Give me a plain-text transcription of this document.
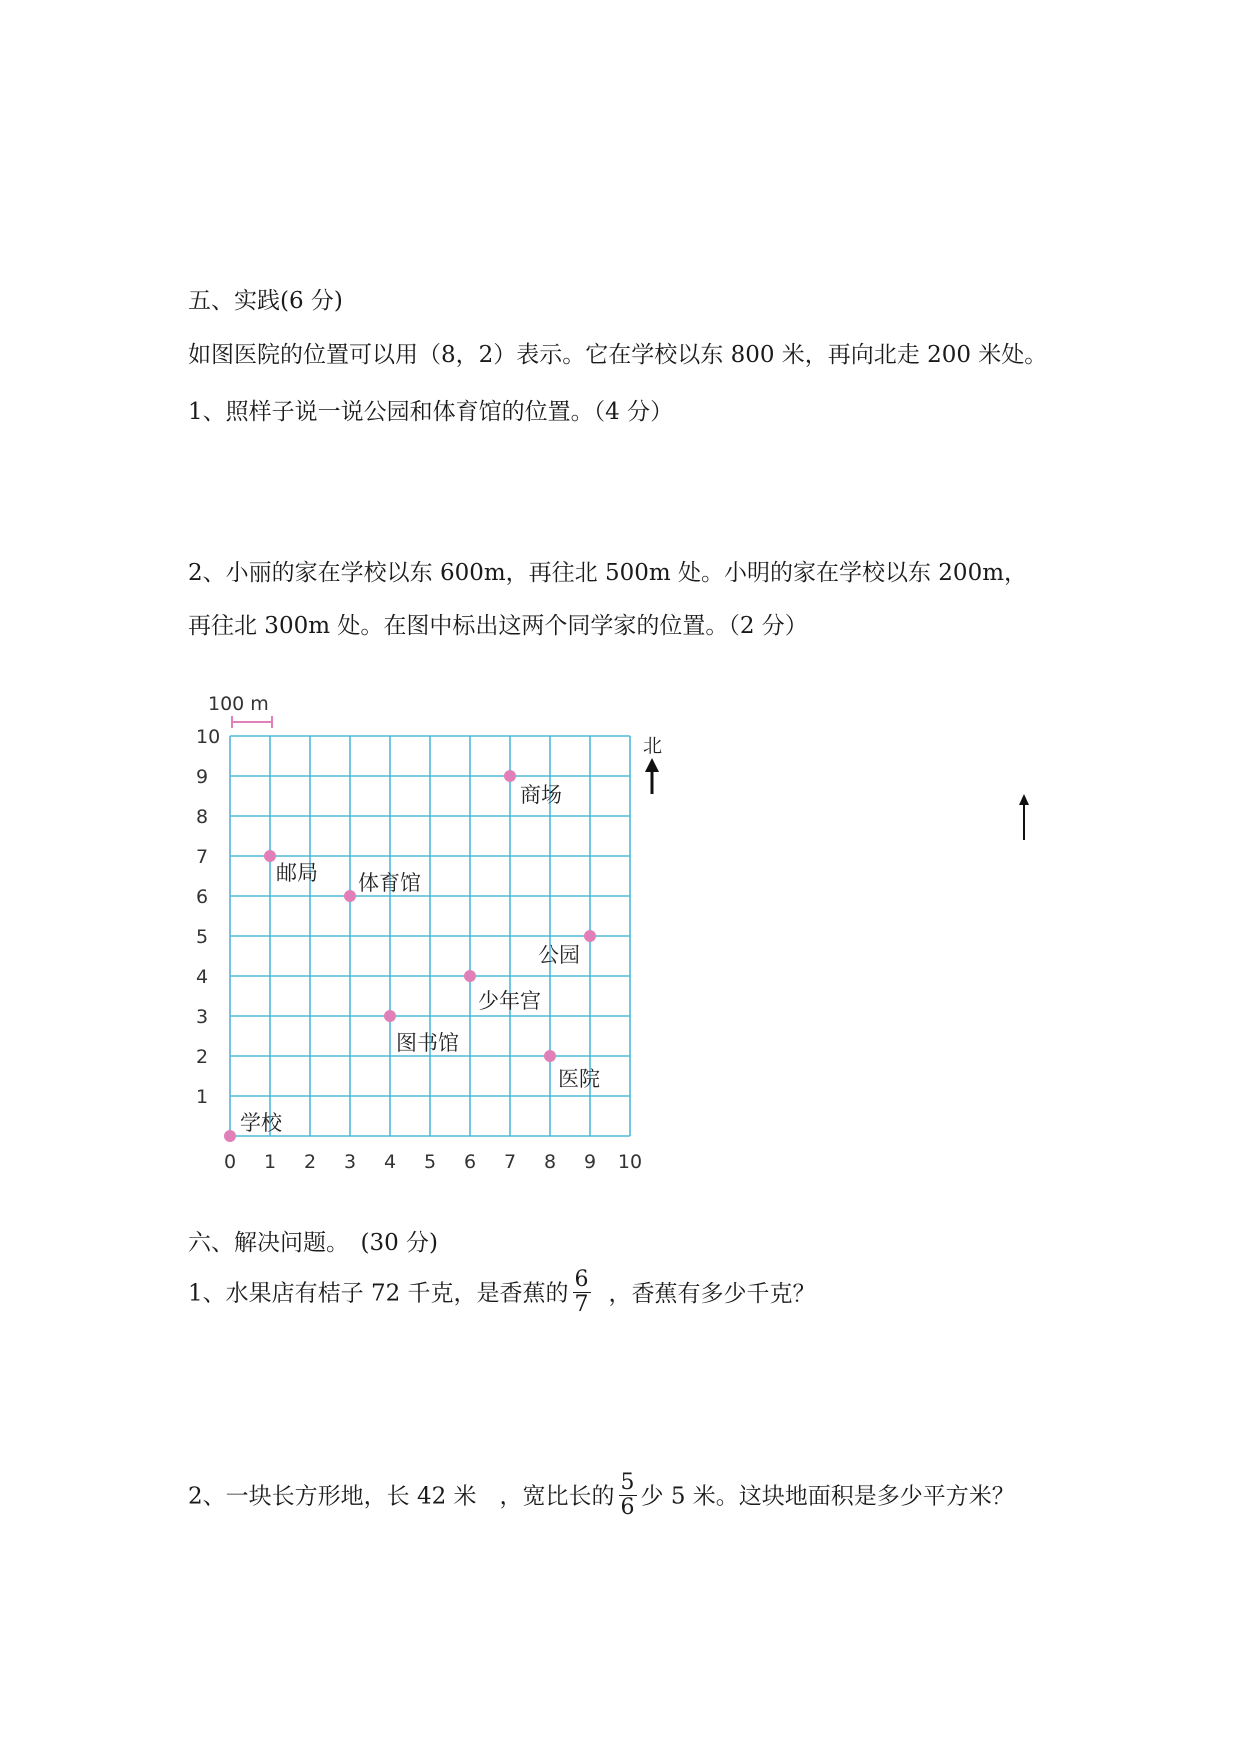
五、实践(6 分)
如图医院的位置可以用（8，2）表示。它在学校以东 800 米，再向北走 200 米处。
1、照样子说一说公园和体育馆的位置。（4 分）
2、小丽的家在学校以东 600m，再往北 500m 处。小明的家在学校以东 200m，
再往北 300m 处。在图中标出这两个同学家的位置。（2 分）
0 1 2 3 4 5 6 7 8 9 10
1
2
3
4
5
6
7
8
9
10
学校
邮局 体育馆
图书馆
少年宫
商场
医院
公园
100 m
北
六、解决问题。　(30 分)
1、水果店有桔子 72 千克，是香蕉的 $\frac{6}{7}$ ，香蕉有多少千克？
2、一块长方形地，长 42 米　，宽比长的 $\frac{5}{6}$ 少 5 米。这块地面积是多少平方米？
